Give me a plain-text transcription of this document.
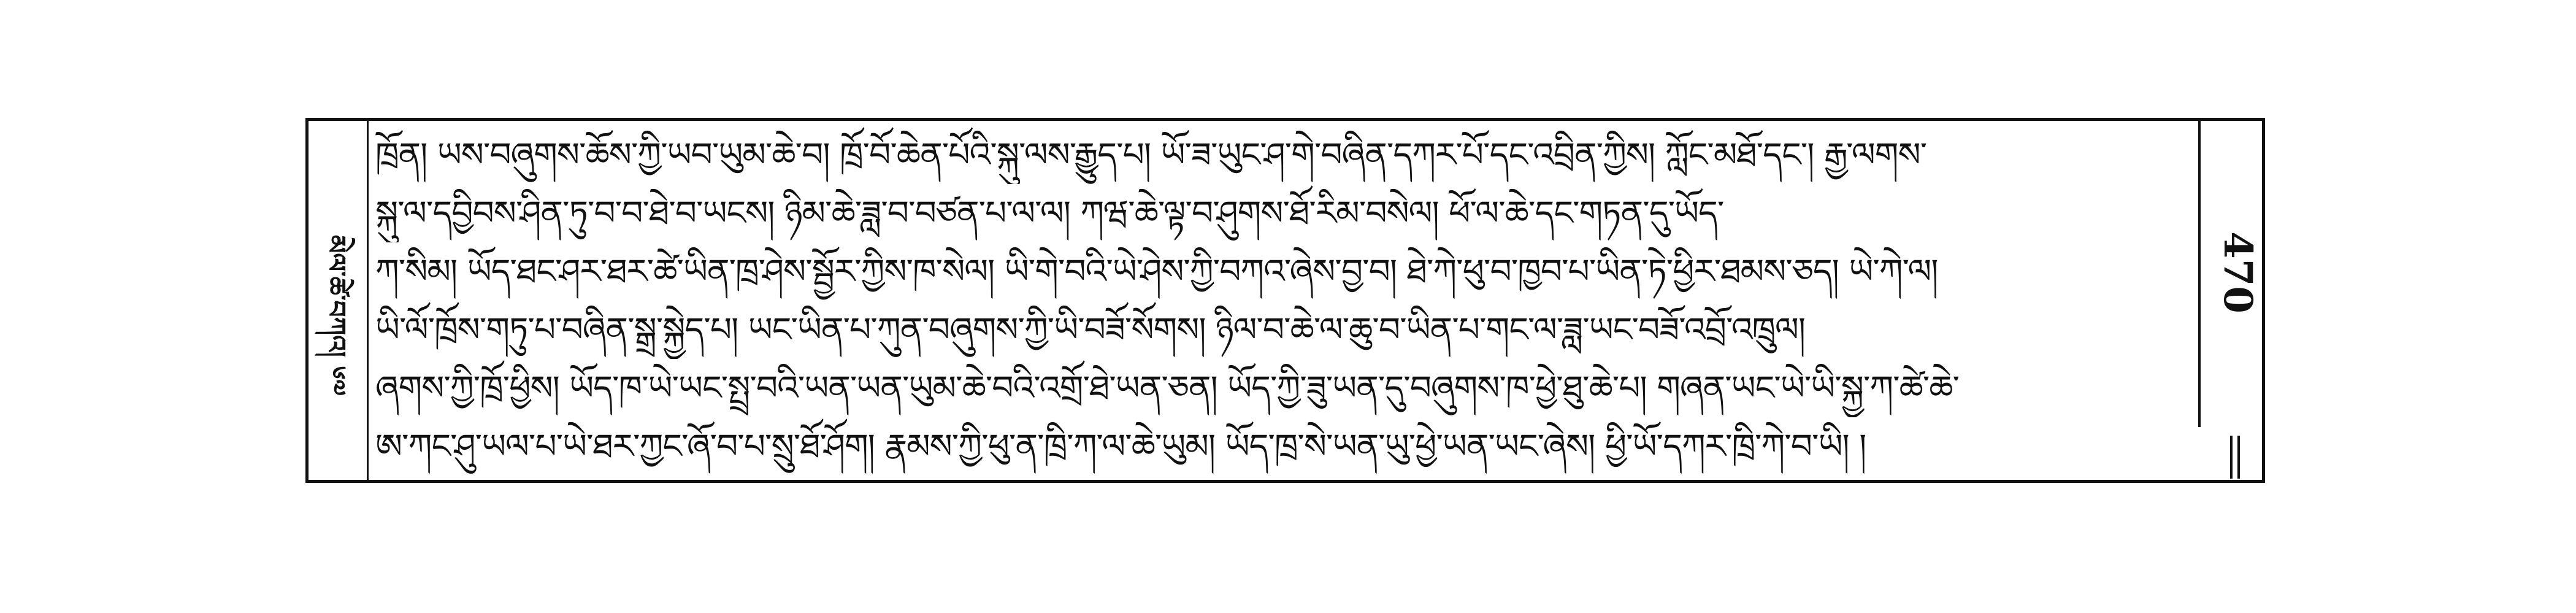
མེལ་ཚེ་བཀའ། ༦༧
ཁྲོན། ཡས་བཞུགས་ཆོས་ཀྱི་ཡབ་ཡུམ་ཆེ་བ། ཁྲོ་བོ་ཆེན་པོའི་སྐུ་ལས་རྒྱུད་པ། ཡོ་ཟ་ཡུང་ཤ་གེ་བཞིན་དཀར་པོ་དང་འབྲིན་ཀྱིས། ཀློང་མཐོ་དང་། རྒྱ་ལགས་
སྐུ་ལ་དབྱིབས་ཤིན་ཏུ་བ་བ་ཐེ་བ་ཡངས། ཉིམ་ཆེ་ཟླ་བ་བཙན་པ་ལ་ལ། ཀཝ་ཆེ་ལྟ་བ་ཤུགས་ཐོ་རིམ་བསེལ། ཕོ་ལ་ཆེ་དང་གཏན་དུ་ཡོད་
ཀ་སིམ། ཡོད་ཐང་ཤར་ཐར་ཚེ་ཡིན་ཁྲ་ཤེས་སྦྱོར་ཀྱིས་ཁ་སེལ། ཡི་གེ་བའི་ཡེ་ཤེས་ཀྱི་བཀའ་ཞེས་བྱ་བ། ཐེ་ཀེ་ཕུ་བ་ཁྱབ་པ་ཡིན་ཏེ་ཕྱིར་ཐམས་ཅད། ཡེ་ཀེ་ལ།
ཡི་ལོ་ཁྲོས་གཏུ་པ་བཞིན་སྒྲ་སྐྱེད་པ། ཡང་ཡིན་པ་ཀུན་བཞུགས་ཀྱི་ཡི་བཟོ་སོགས། ཉིལ་བ་ཆེ་ལ་ཆུ་བ་ཡིན་པ་གང་ལ་ཟླ་ཡང་བཟོ་འབྲོ་འཁྲུལ།
ཞགས་ཀྱི་ཁྲོ་ཕྱིས། ཡོད་ཁ་ཡེ་ཡང་སྤྲ་བའི་ཡན་ཡན་ཡུམ་ཆེ་བའི་འགྲོ་ཐེ་ཡན་ཅན། ཡོད་ཀྱི་ཟུ་ཡན་དུ་བཞུགས་ཁ་ཕྱེ་ཐུ་ཆེ་པ། གཞན་ཡང་ཡེ་ཡི་སྐྱ་ཀ་ཚེ་ཆེ་
ཨ་ཀང་ཤུ་ཡལ་པ་ཡེ་ཐར་ཀྱང་ཞོ་བ་པ་སྲུ་ཐོ་ཤོག། རྣམས་ཀྱི་ཕུ་ན་ཁྲི་ཀ་ལ་ཆེ་ཡུམ། ཡོད་ཁྲ་སེ་ཡན་ཡུ་ཕྱེ་ཡན་ཡང་ཞེས། ཕྱི་ཡོ་དཀར་ཁྲི་ཀེ་བ་ཡི། །
470
